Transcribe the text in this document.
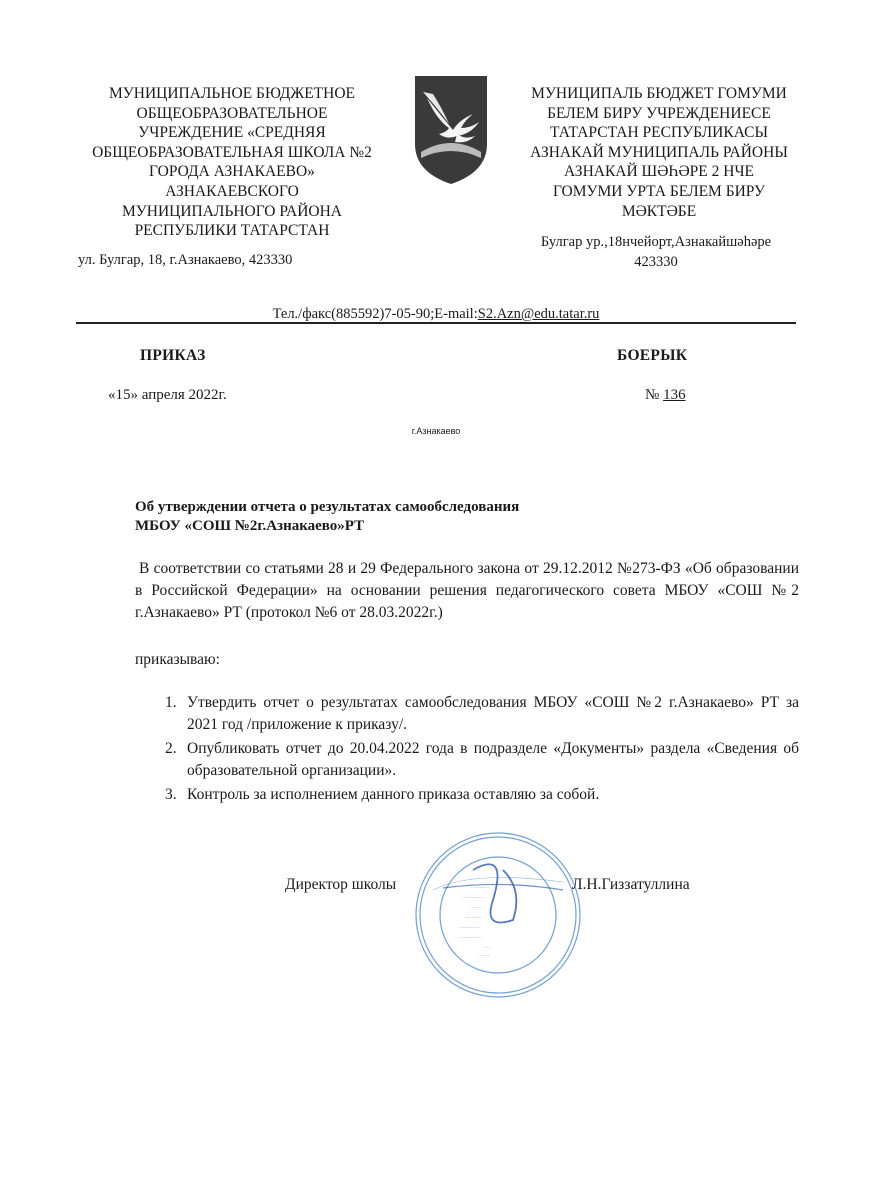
МУНИЦИПАЛЬНОЕ БЮДЖЕТНОЕ
ОБЩЕОБРАЗОВАТЕЛЬНОЕ
УЧРЕЖДЕНИЕ «СРЕДНЯЯ
ОБЩЕОБРАЗОВАТЕЛЬНАЯ ШКОЛА №2
ГОРОДА АЗНАКАЕВО»
АЗНАКАЕВСКОГО
МУНИЦИПАЛЬНОГО РАЙОНА
РЕСПУБЛИКИ ТАТАРСТАН
ул. Булгар, 18, г.Азнакаево, 423330
МУНИЦИПАЛЬ БЮДЖЕТ ГОМУМИ
БЕЛЕМ БИРУ УЧРЕЖДЕНИЕСЕ
ТАТАРСТАН РЕСПУБЛИКАСЫ
АЗНАКАЙ МУНИЦИПАЛЬ РАЙОНЫ
АЗНАКАЙ ШӘҺӘРЕ 2 НЧЕ
ГОМУМИ УРТА БЕЛЕМ БИРУ
МӘКТӘБЕ
Булгар ур.,18нчейорт,Азнакайшәһәре
423330
Тел./факс(885592)7-05-90;E-mail:S2.Azn@edu.tatar.ru
ПРИКАЗ	БОЕРЫК
«15» апреля 2022г.	№ 136
г.Азнакаево
Об утверждении отчета о результатах самообследования
МБОУ «СОШ №2г.Азнакаево»РТ
В соответствии со статьями 28 и 29 Федерального закона от 29.12.2012 №273-ФЗ «Об образовании в Российской Федерации» на основании решения педагогического совета МБОУ «СОШ №2 г.Азнакаево» РТ (протокол №6 от 28.03.2022г.)
приказываю:
1. Утвердить отчет о результатах самообследования МБОУ «СОШ №2 г.Азнакаево» РТ за 2021 год /приложение к приказу/.
2. Опубликовать отчет до 20.04.2022 года в подразделе «Документы» раздела «Сведения об образовательной организации».
3. Контроль за исполнением данного приказа оставляю за собой.
..........
............
......
..........
.............
............
...
.......
Директор школы	Л.Н.Гиззатуллина
